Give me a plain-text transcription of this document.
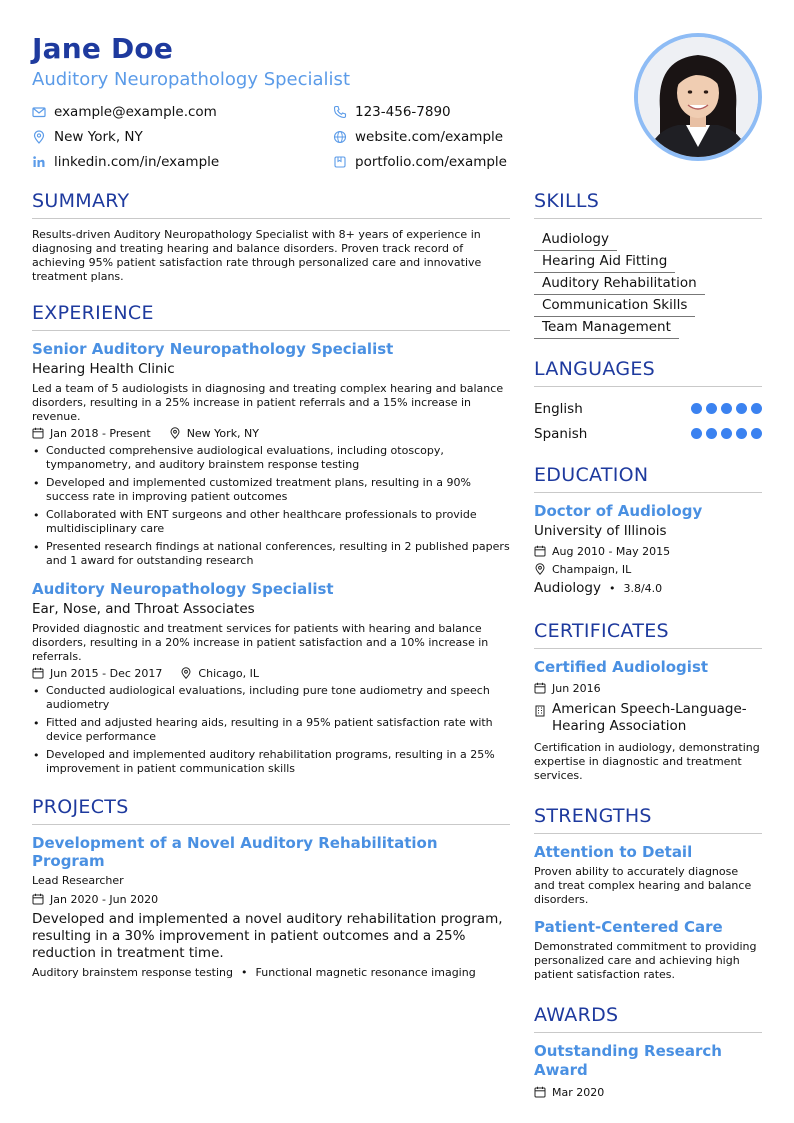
Jane Doe
Auditory Neuropathology Specialist
example@example.com	123-456-7890
New York, NY	website.com/example
linkedin.com/in/example	portfolio.com/example
SUMMARY
Results-driven Auditory Neuropathology Specialist with 8+ years of experience in diagnosing and treating hearing and balance disorders. Proven track record of achieving 95% patient satisfaction rate through personalized care and innovative treatment plans.
EXPERIENCE
Senior Auditory Neuropathology Specialist
Hearing Health Clinic
Led a team of 5 audiologists in diagnosing and treating complex hearing and balance disorders, resulting in a 25% increase in patient referrals and a 15% increase in revenue.
Jan 2018 - Present	New York, NY
• Conducted comprehensive audiological evaluations, including otoscopy, tympanometry, and auditory brainstem response testing
• Developed and implemented customized treatment plans, resulting in a 90% success rate in improving patient outcomes
• Collaborated with ENT surgeons and other healthcare professionals to provide multidisciplinary care
• Presented research findings at national conferences, resulting in 2 published papers and 1 award for outstanding research
Auditory Neuropathology Specialist
Ear, Nose, and Throat Associates
Provided diagnostic and treatment services for patients with hearing and balance disorders, resulting in a 20% increase in patient satisfaction and a 10% increase in referrals.
Jun 2015 - Dec 2017	Chicago, IL
• Conducted audiological evaluations, including pure tone audiometry and speech audiometry
• Fitted and adjusted hearing aids, resulting in a 95% patient satisfaction rate with device performance
• Developed and implemented auditory rehabilitation programs, resulting in a 25% improvement in patient communication skills
PROJECTS
Development of a Novel Auditory Rehabilitation Program
Lead Researcher
Jan 2020 - Jun 2020
Developed and implemented a novel auditory rehabilitation program, resulting in a 30% improvement in patient outcomes and a 25% reduction in treatment time.
Auditory brainstem response testing • Functional magnetic resonance imaging
SKILLS
Audiology
Hearing Aid Fitting
Auditory Rehabilitation
Communication Skills
Team Management
LANGUAGES
English
Spanish
EDUCATION
Doctor of Audiology
University of Illinois
Aug 2010 - May 2015
Champaign, IL
Audiology • 3.8/4.0
CERTIFICATES
Certified Audiologist
Jun 2016
American Speech-Language-Hearing Association
Certification in audiology, demonstrating expertise in diagnostic and treatment services.
STRENGTHS
Attention to Detail
Proven ability to accurately diagnose and treat complex hearing and balance disorders.
Patient-Centered Care
Demonstrated commitment to providing personalized care and achieving high patient satisfaction rates.
AWARDS
Outstanding Research Award
Mar 2020
